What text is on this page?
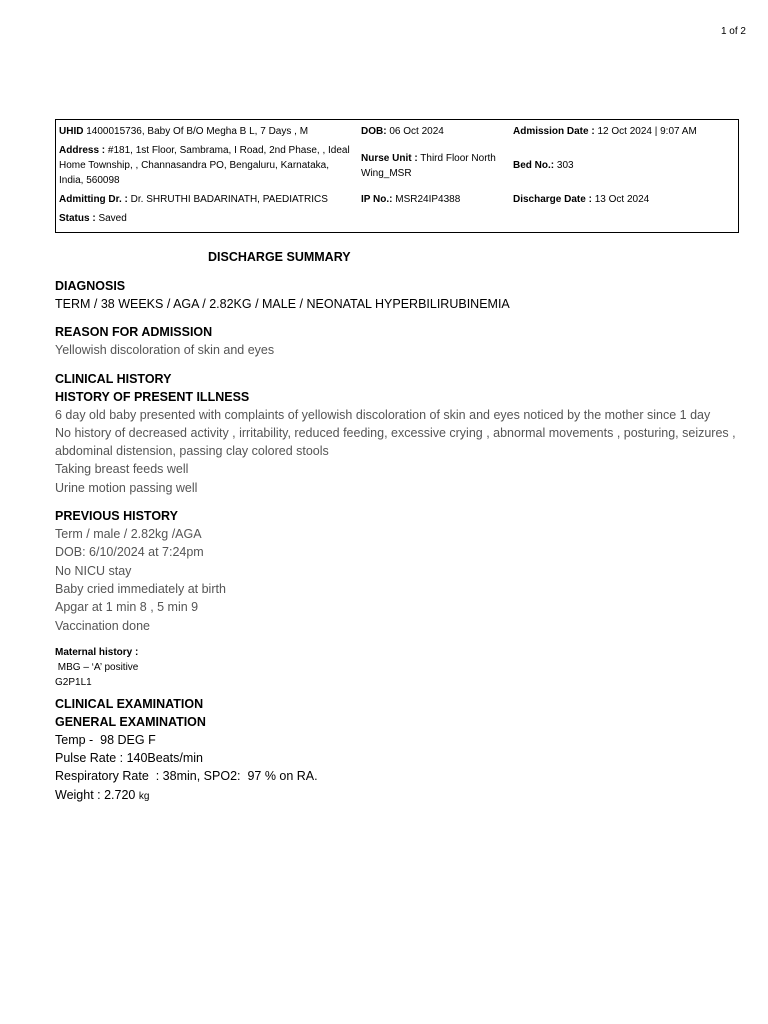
1 of 2
UHID 1400015736, Baby Of B/O Megha B L, 7 Days , M	DOB: 06 Oct 2024	Admission Date : 12 Oct 2024 | 9:07 AM
Address : #181, 1st Floor, Sambrama, I Road, 2nd Phase, , Ideal Home Township, , Channasandra PO, Bengaluru, Karnataka, India, 560098	Nurse Unit : Third Floor North Wing_MSR	Bed No.: 303
Admitting Dr. : Dr. SHRUTHI BADARINATH, PAEDIATRICS	IP No.: MSR24IP4388	Discharge Date : 13 Oct 2024
Status : Saved		
DISCHARGE SUMMARY
DIAGNOSIS
TERM / 38 WEEKS / AGA / 2.82KG / MALE / NEONATAL HYPERBILIRUBINEMIA
REASON FOR ADMISSION
Yellowish discoloration of skin and eyes
CLINICAL HISTORY
HISTORY OF PRESENT ILLNESS
6 day old baby presented with complaints of yellowish discoloration of skin and eyes noticed by the mother since 1 day
No history of decreased activity , irritability, reduced feeding, excessive crying , abnormal movements , posturing, seizures , abdominal distension, passing clay colored stools
Taking breast feeds well
Urine motion passing well
PREVIOUS HISTORY
Term / male / 2.82kg /AGA
DOB: 6/10/2024 at 7:24pm
No NICU stay
Baby cried immediately at birth
Apgar at 1 min 8 , 5 min 9
Vaccination done
Maternal history :
MBG – ‘A’ positive
G2P1L1
CLINICAL EXAMINATION
GENERAL EXAMINATION
Temp -  98 DEG F
Pulse Rate : 140Beats/min
Respiratory Rate  : 38min, SPO2:  97 % on RA.
Weight : 2.720 kg
